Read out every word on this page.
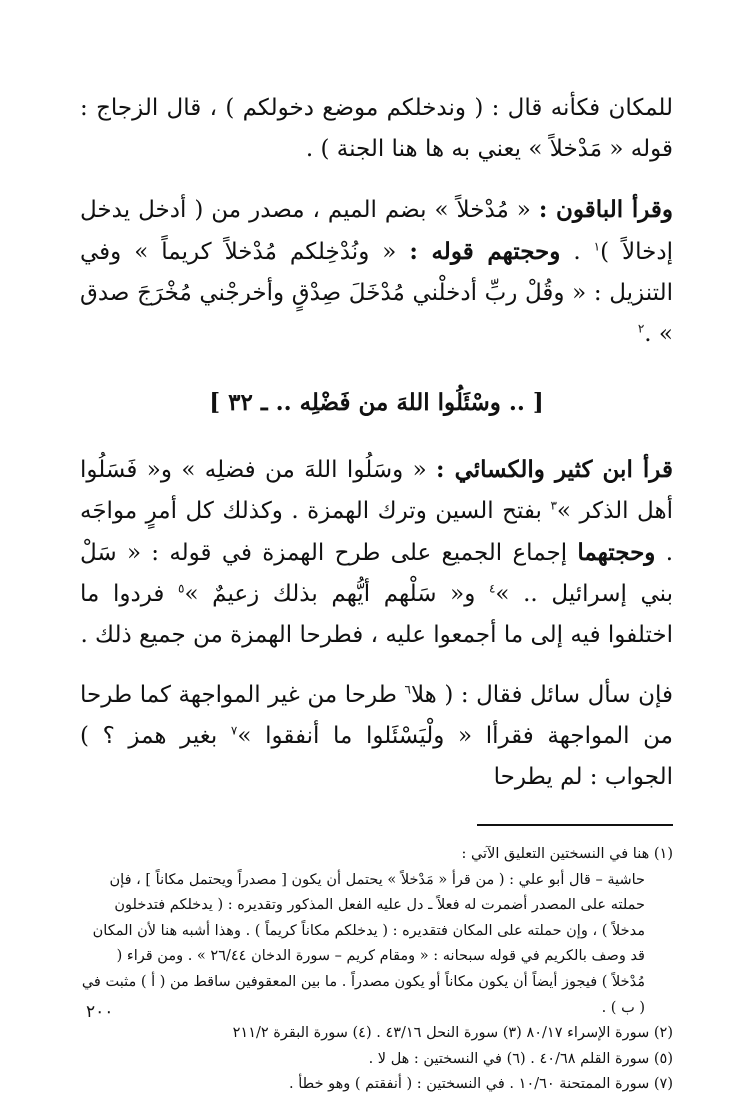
للمكان فكأنه قال : ( وندخلكم موضع دخولكم ) ، قال الزجاج : قوله « مَدْخلاً » يعني به ها هنا الجنة ) .

وقرأ الباقون : « مُدْخلاً » بضم الميم ، مصدر من ( أدخل يدخل إدخالاً )$^١$ . وحجتهم قوله : « ونُدْخِلكم مُدْخلاً كريماً » وفي التنزيل : « وقُلْ ربِّ أدخلْني مُدْخَلَ صِدْقٍ وأخرجْني مُخْرَجَ صدق » .$^٢$

[ .. وسْئَلُوا اللهَ من فَضْلِه .. ـ ٣٢ ]

قرأ ابن كثير والكسائي : « وسَلُوا اللهَ من فضلِه » و« فَسَلُوا أهل الذكر »$^٣$ بفتح السين وترك الهمزة . وكذلك كل أمرٍ مواجَه . وحجتهما إجماع الجميع على طرح الهمزة في قوله : « سَلْ بني إسرائيل .. »$^٤$ و« سَلْهم أيُّهم بذلك زعيمٌ »$^٥$ فردوا ما اختلفوا فيه إلى ما أجمعوا عليه ، فطرحا الهمزة من جميع ذلك .

فإن سأل سائل فقال : ( هلا$^٦$ طرحا من غير المواجهة كما طرحا من المواجهة فقرأا « ولْيَسْئَلوا ما أنفقوا »$^٧$ بغير همز ؟ ) الجواب : لم يطرحا

(١) هنا في النسختين التعليق الآتي :

حاشية – قال أبو علي : ( من قرأ « مَدْخلاً » يحتمل أن يكون [ مصدراً ويحتمل مكاناً ] ، فإن حملته على المصدر أضمرت له فعلاً ـ دل عليه الفعل المذكور وتقديره : ( يدخلكم فتدخلون مدخلاً ) ، وإن حملته على المكان فتقديره : ( يدخلكم مكاناً كريماً ) . وهذا أشبه هنا لأن المكان قد وصف بالكريم في قوله سبحانه : « ومقام كريم – سورة الدخان ٢٦/٤٤ » . ومن قراء ( مُدْخلاً ) فيجوز أيضاً أن يكون مكاناً أو يكون مصدراً . ما بين المعقوفين ساقط من ( أ ) مثبت في ( ب ) .

(٢) سورة الإسراء ٨٠/١٧ (٣) سورة النحل ٤٣/١٦ . (٤) سورة البقرة ٢١١/٢

(٥) سورة القلم ٤٠/٦٨ . (٦) في النسختين : هل لا .

(٧) سورة الممتحنة ١٠/٦٠ . في النسختين : ( أنفقتم ) وهو خطأ .

٢٠٠
